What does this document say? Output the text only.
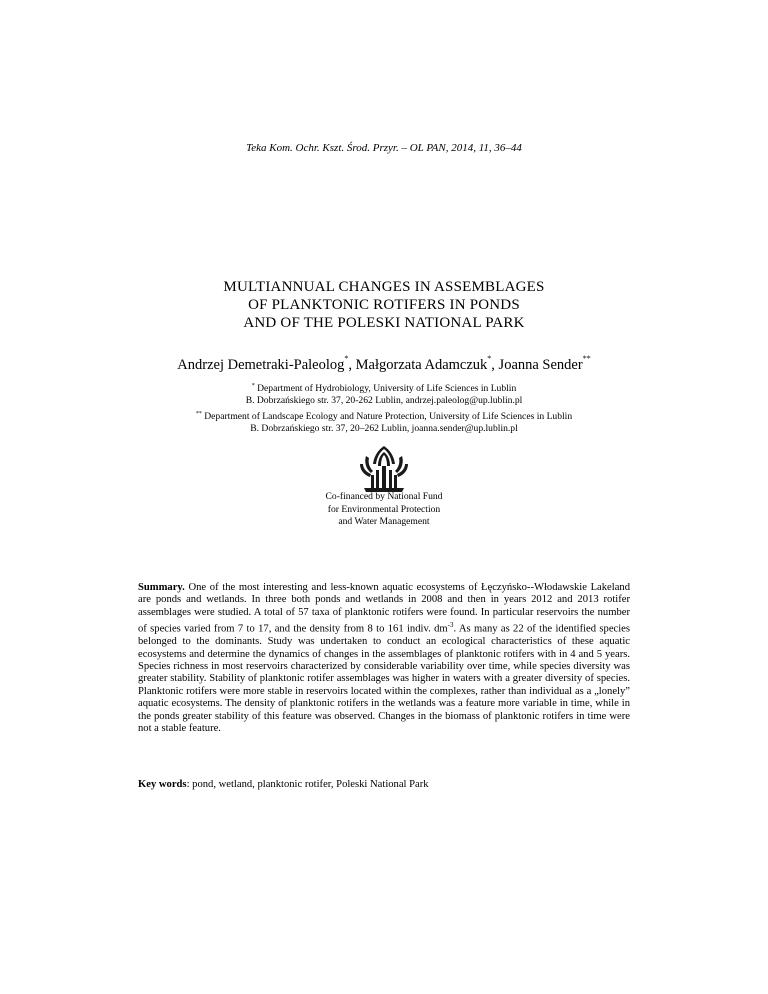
Teka Kom. Ochr. Kszt. Środ. Przyr. – OL PAN, 2014, 11, 36–44
MULTIANNUAL CHANGES IN ASSEMBLAGES
OF PLANKTONIC ROTIFERS IN PONDS
AND OF THE POLESKI NATIONAL PARK
Andrzej Demetraki-Paleolog*, Małgorzata Adamczuk*, Joanna Sender**
* Department of Hydrobiology, University of Life Sciences in Lublin
B. Dobrzańskiego str. 37, 20-262 Lublin, andrzej.paleolog@up.lublin.pl
** Department of Landscape Ecology and Nature Protection, University of Life Sciences in Lublin
B. Dobrzańskiego str. 37, 20–262 Lublin, joanna.sender@up.lublin.pl
Co-financed by National Fund
for Environmental Protection
and Water Management
Summary. One of the most interesting and less-known aquatic ecosystems of Łęczyńsko--Włodawskie Lakeland are ponds and wetlands. In three both ponds and wetlands in 2008 and then in years 2012 and 2013 rotifer assemblages were studied. A total of 57 taxa of planktonic rotifers were found. In particular reservoirs the number of species varied from 7 to 17, and the density from 8 to 161 indiv. $dm^{-3}$. As many as 22 of the identified species belonged to the dominants. Study was undertaken to conduct an ecological characteristics of these aquatic ecosystems and determine the dynamics of changes in the assemblages of planktonic rotifers with in 4 and 5 years. Species richness in most reservoirs characterized by considerable variability over time, while species diversity was greater stability. Stability of planktonic rotifer assemblages was higher in waters with a greater diversity of species. Planktonic rotifers were more stable in reservoirs located within the complexes, rather than individual as a „lonely” aquatic ecosystems. The density of planktonic rotifers in the wetlands was a feature more variable in time, while in the ponds greater stability of this feature was observed. Changes in the biomass of planktonic rotifers in time were not a stable feature.
Key words: pond, wetland, planktonic rotifer, Poleski National Park
